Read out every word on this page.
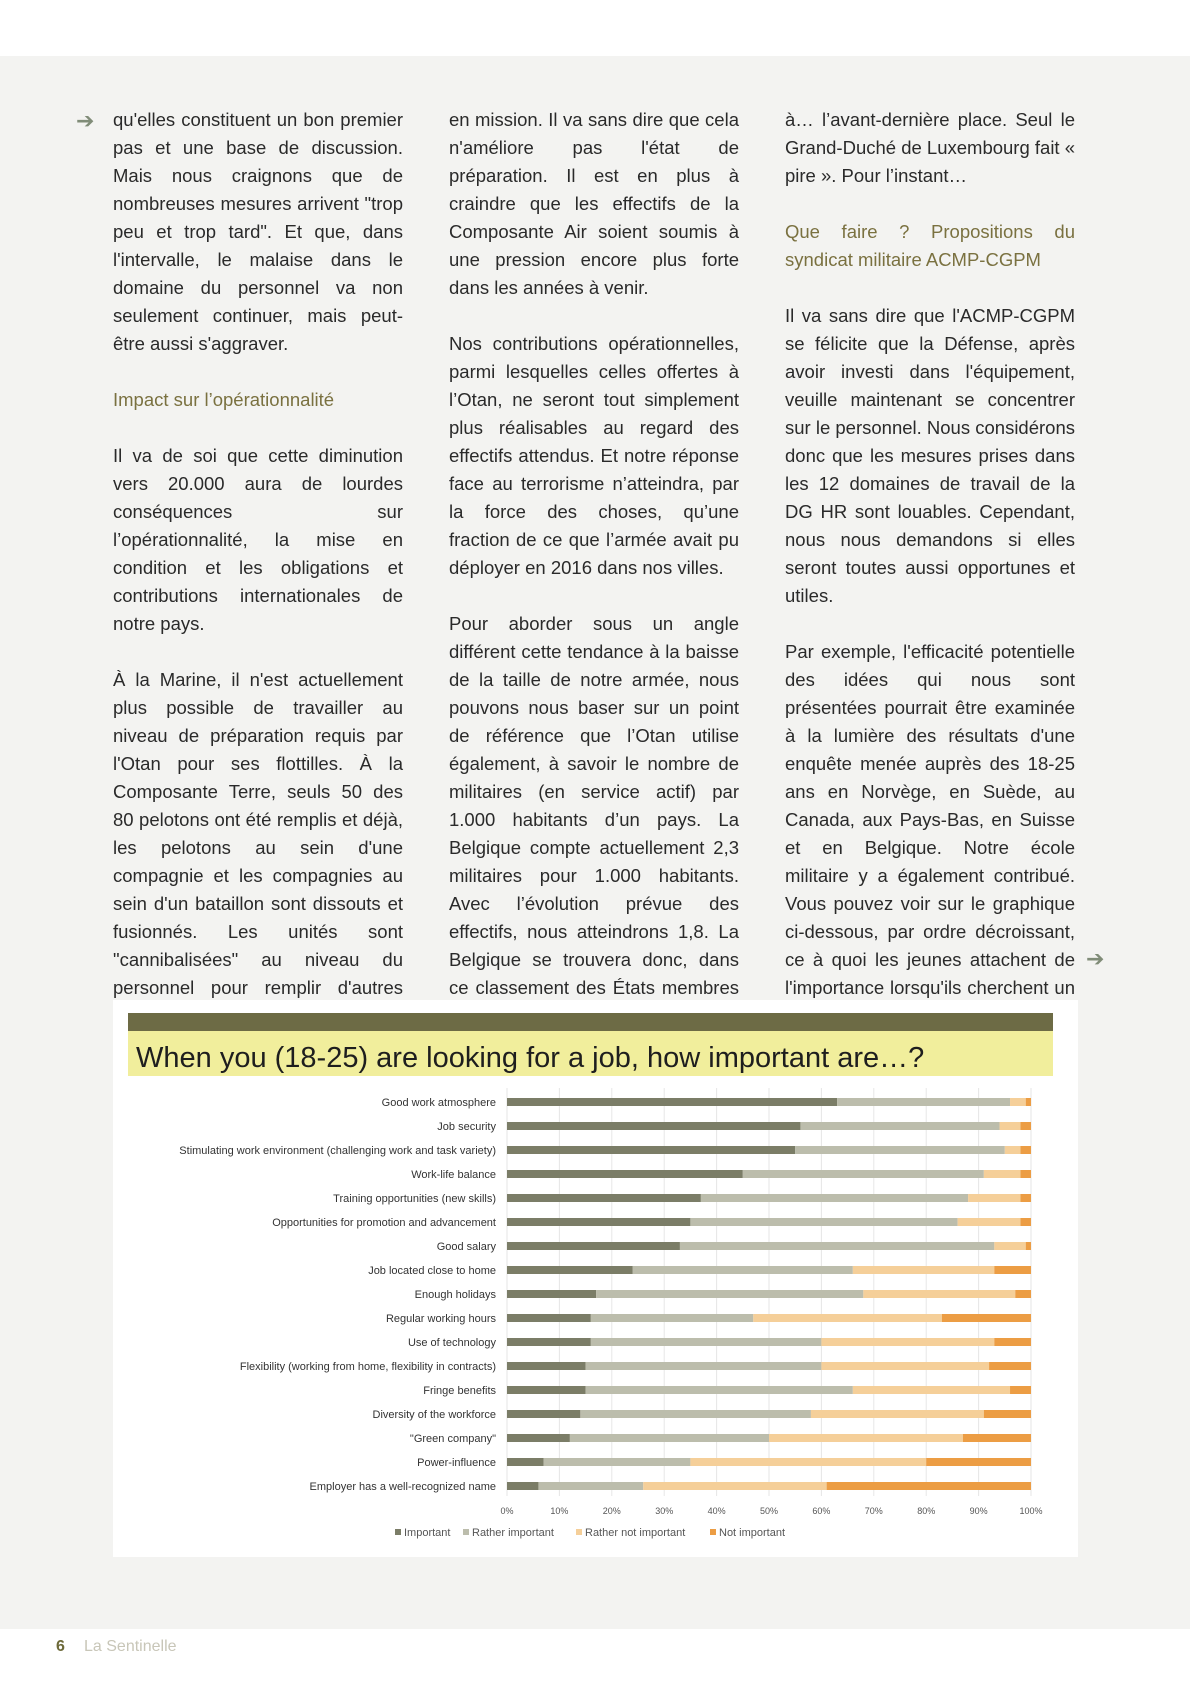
➔ qu'elles constituent un bon premier pas et une base de discussion. Mais nous craignons que de nombreuses mesures arrivent "trop peu et trop tard". Et que, dans l'intervalle, le malaise dans le domaine du personnel va non seulement continuer, mais peut-être aussi s'aggraver.

Impact sur l’opérationnalité

Il va de soi que cette diminution vers 20.000 aura de lourdes conséquences sur l’opérationnalité, la mise en condition et les obligations et contributions internationales de notre pays.

À la Marine, il n'est actuellement plus possible de travailler au niveau de préparation requis par l'Otan pour ses flottilles. À la Composante Terre, seuls 50 des 80 pelotons ont été remplis et déjà, les pelotons au sein d'une compagnie et les compagnies au sein d'un bataillon sont dissouts et fusionnés. Les unités sont "cannibalisées" au niveau du personnel pour remplir d'autres

en mission. Il va sans dire que cela n'améliore pas l'état de préparation. Il est en plus à craindre que les effectifs de la Composante Air soient soumis à une pression encore plus forte dans les années à venir.

Nos contributions opérationnelles, parmi lesquelles celles offertes à l’Otan, ne seront tout simplement plus réalisables au regard des effectifs attendus. Et notre réponse face au terrorisme n’atteindra, par la force des choses, qu’une fraction de ce que l’armée avait pu déployer en 2016 dans nos villes.

Pour aborder sous un angle différent cette tendance à la baisse de la taille de notre armée, nous pouvons nous baser sur un point de référence que l’Otan utilise également, à savoir le nombre de militaires (en service actif) par 1.000 habitants d’un pays. La Belgique compte actuellement 2,3 militaires pour 1.000 habitants. Avec l’évolution prévue des effectifs, nous atteindrons 1,8. La Belgique se trouvera donc, dans ce classement des États membres

à… l’avant-dernière place. Seul le Grand-Duché de Luxembourg fait « pire ». Pour l’instant…

Que faire ? Propositions du syndicat militaire ACMP-CGPM

Il va sans dire que l'ACMP-CGPM se félicite que la Défense, après avoir investi dans l'équipement, veuille maintenant se concentrer sur le personnel. Nous considérons donc que les mesures prises dans les 12 domaines de travail de la DG HR sont louables. Cependant, nous nous demandons si elles seront toutes aussi opportunes et utiles.

Par exemple, l'efficacité potentielle des idées qui nous sont présentées pourrait être examinée à la lumière des résultats d'une enquête menée auprès des 18-25 ans en Norvège, en Suède, au Canada, aux Pays-Bas, en Suisse et en Belgique. Notre école militaire y a également contribué. Vous pouvez voir sur le graphique ci-dessous, par ordre décroissant, ce à quoi les jeunes attachent de l'importance lorsqu'ils cherchent un

➔
When you (18-25) are looking for a job, how important are…?
Good work atmosphere
Job security
Stimulating work environment (challenging work and task variety)
Work-life balance
Training opportunities (new skills)
Opportunities for promotion and advancement
Good salary
Job located close to home
Enough holidays
Regular working hours
Use of technology
Flexibility (working from home, flexibility in contracts)
Fringe benefits
Diversity of the workforce
"Green company"
Power-influence
Employer has a well-recognized name
0%	10%	20%	30%	40%	50%	60%	70%	80%	90%	100%
Important Rather important	Rather not important	Not important
6 La Sentinelle
